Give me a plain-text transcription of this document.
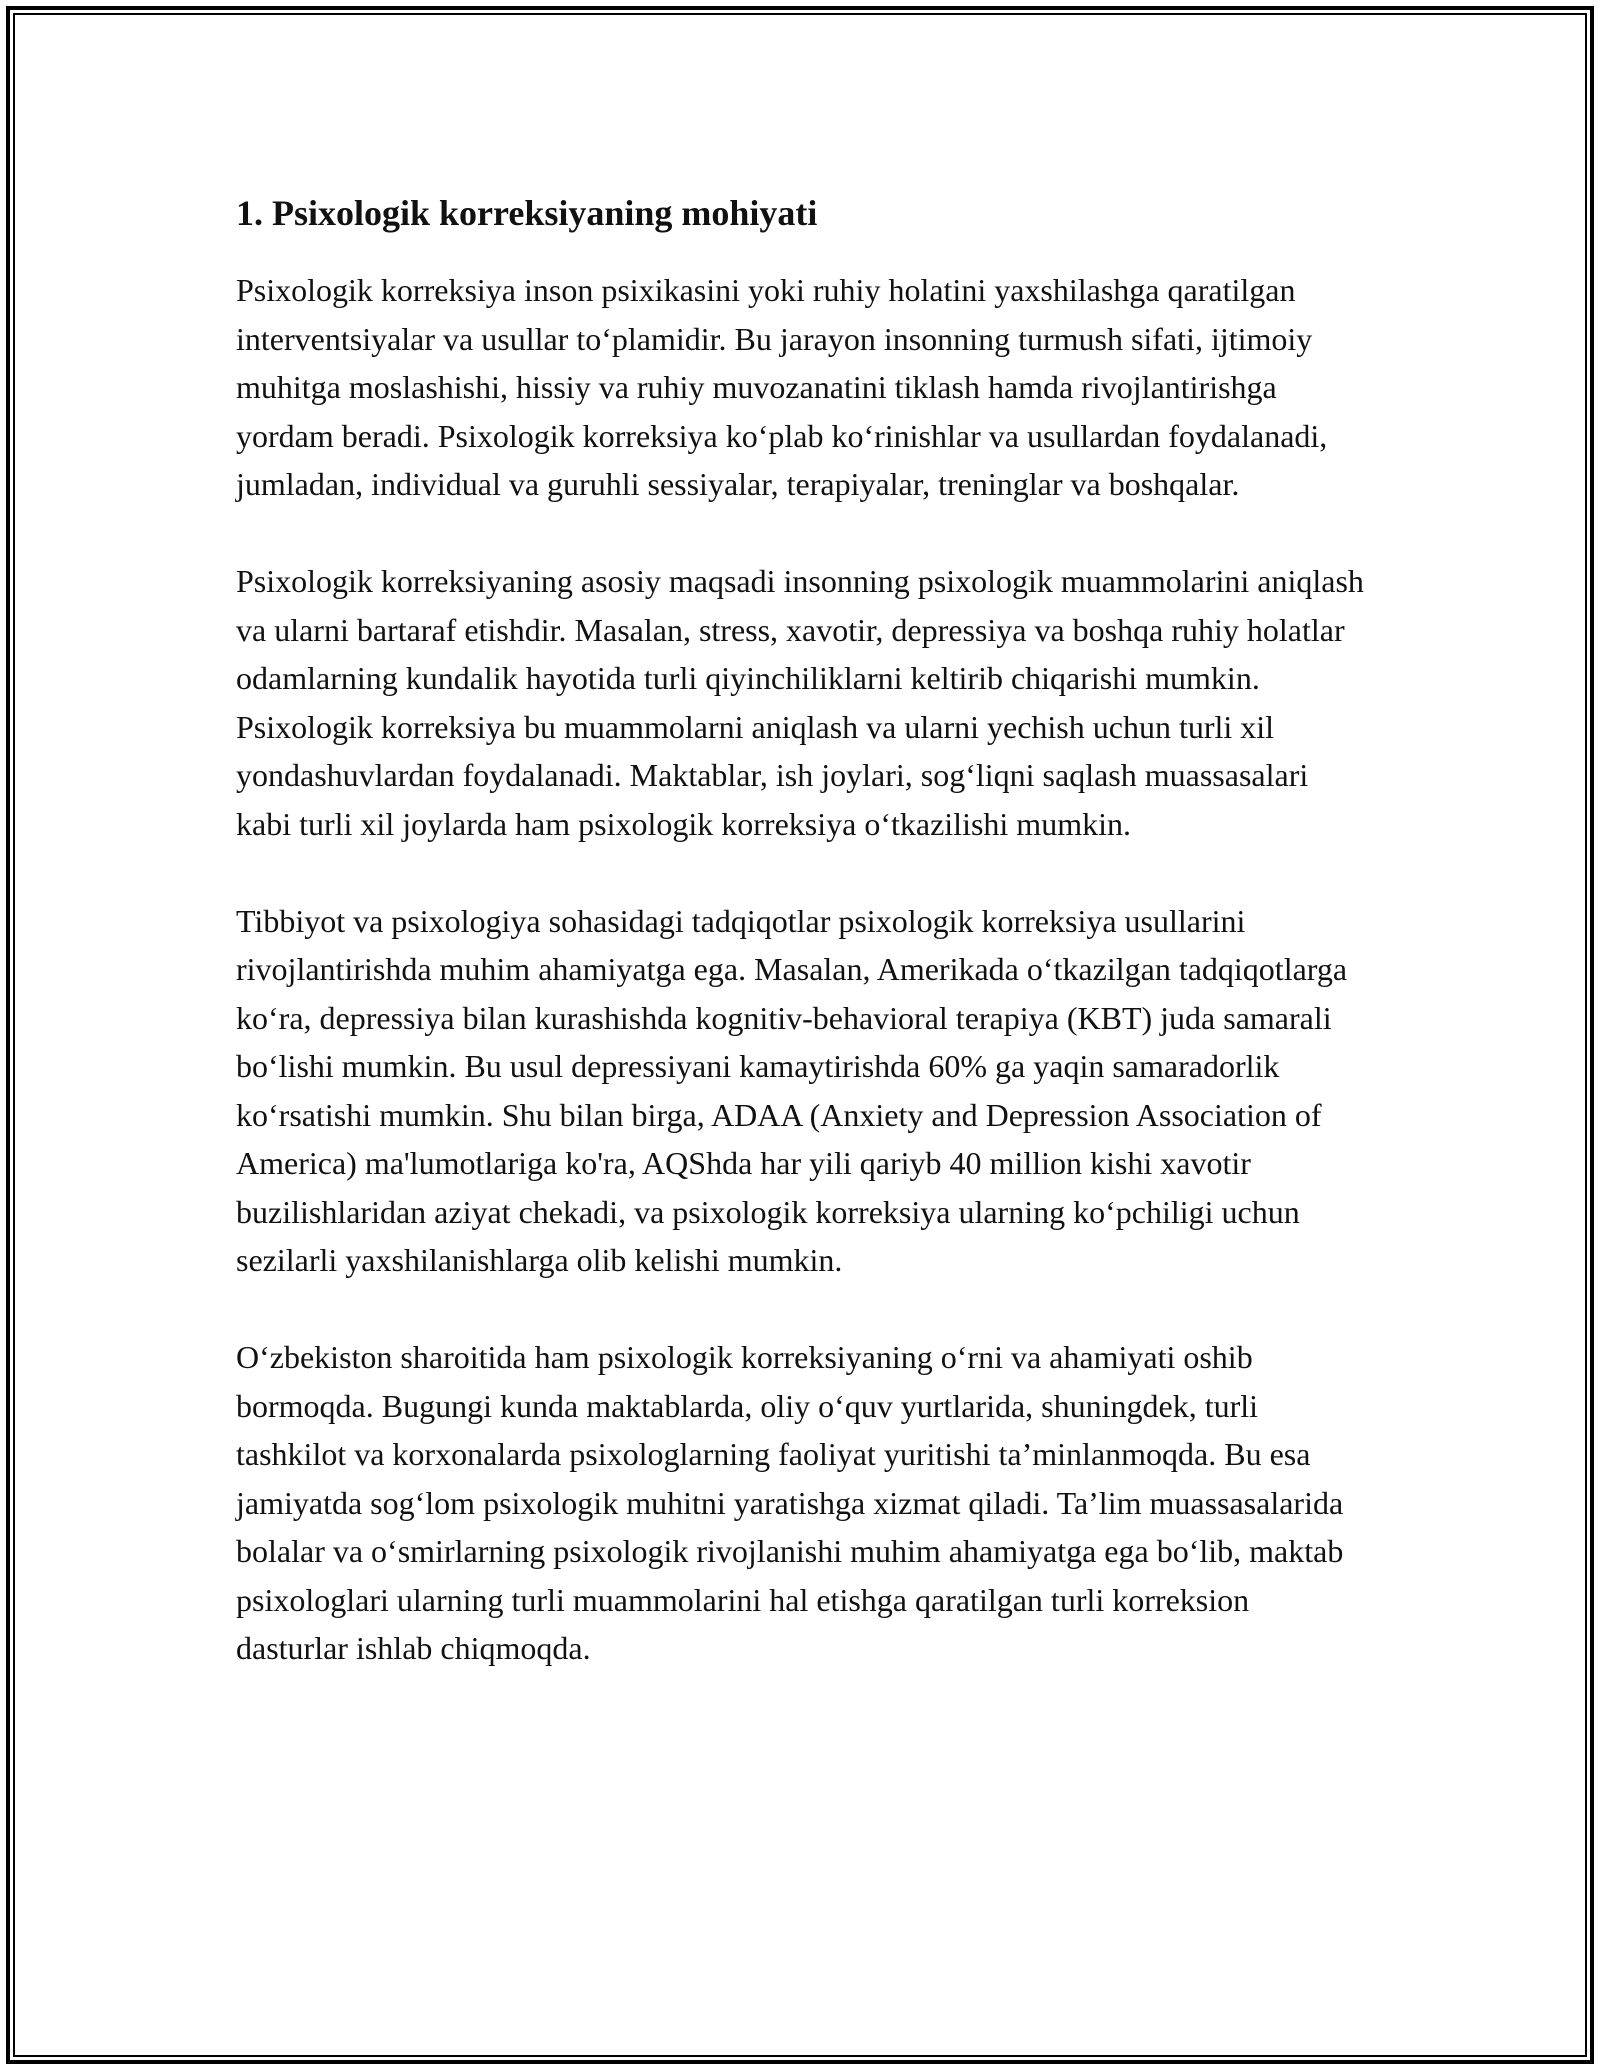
1. Psixologik korreksiyaning mohiyati

Psixologik korreksiya inson psixikasini yoki ruhiy holatini yaxshilashga qaratilgan interventsiyalar va usullar to‘plamidir. Bu jarayon insonning turmush sifati, ijtimoiy muhitga moslashishi, hissiy va ruhiy muvozanatini tiklash hamda rivojlantirishga yordam beradi. Psixologik korreksiya ko‘plab ko‘rinishlar va usullardan foydalanadi, jumladan, individual va guruhli sessiyalar, terapiyalar, treninglar va boshqalar.

Psixologik korreksiyaning asosiy maqsadi insonning psixologik muammolarini aniqlash va ularni bartaraf etishdir. Masalan, stress, xavotir, depressiya va boshqa ruhiy holatlar odamlarning kundalik hayotida turli qiyinchiliklarni keltirib chiqarishi mumkin. Psixologik korreksiya bu muammolarni aniqlash va ularni yechish uchun turli xil yondashuvlardan foydalanadi. Maktablar, ish joylari, sog‘liqni saqlash muassasalari kabi turli xil joylarda ham psixologik korreksiya o‘tkazilishi mumkin.

Tibbiyot va psixologiya sohasidagi tadqiqotlar psixologik korreksiya usullarini rivojlantirishda muhim ahamiyatga ega. Masalan, Amerikada o‘tkazilgan tadqiqotlarga ko‘ra, depressiya bilan kurashishda kognitiv-behavioral terapiya (KBT) juda samarali bo‘lishi mumkin. Bu usul depressiyani kamaytirishda 60% ga yaqin samaradorlik ko‘rsatishi mumkin. Shu bilan birga, ADAA (Anxiety and Depression Association of America) ma'lumotlariga ko'ra, AQShda har yili qariyb 40 million kishi xavotir buzilishlaridan aziyat chekadi, va psixologik korreksiya ularning ko‘pchiligi uchun sezilarli yaxshilanishlarga olib kelishi mumkin.

O‘zbekiston sharoitida ham psixologik korreksiyaning o‘rni va ahamiyati oshib bormoqda. Bugungi kunda maktablarda, oliy o‘quv yurtlarida, shuningdek, turli tashkilot va korxonalarda psixologlarning faoliyat yuritishi ta’minlanmoqda. Bu esa jamiyatda sog‘lom psixologik muhitni yaratishga xizmat qiladi. Ta’lim muassasalarida bolalar va o‘smirlarning psixologik rivojlanishi muhim ahamiyatga ega bo‘lib, maktab psixologlari ularning turli muammolarini hal etishga qaratilgan turli korreksion dasturlar ishlab chiqmoqda.
